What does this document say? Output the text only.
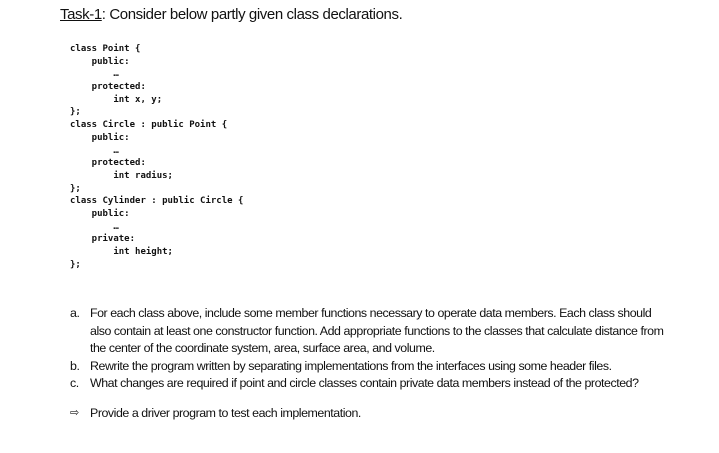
Task-1: Consider below partly given class declarations.
class Point {
public:
…
protected:
int x, y;
};
class Circle : public Point {
public:
…
protected:
int radius;
};
class Cylinder : public Circle {
public:
…
private:
int height;
};
a. For each class above, include some member functions necessary to operate data members. Each class should also contain at least one constructor function. Add appropriate functions to the classes that calculate distance from the center of the coordinate system, area, surface area, and volume.
b. Rewrite the program written by separating implementations from the interfaces using some header files.
c. What changes are required if point and circle classes contain private data members instead of the protected?
⇨ Provide a driver program to test each implementation.
